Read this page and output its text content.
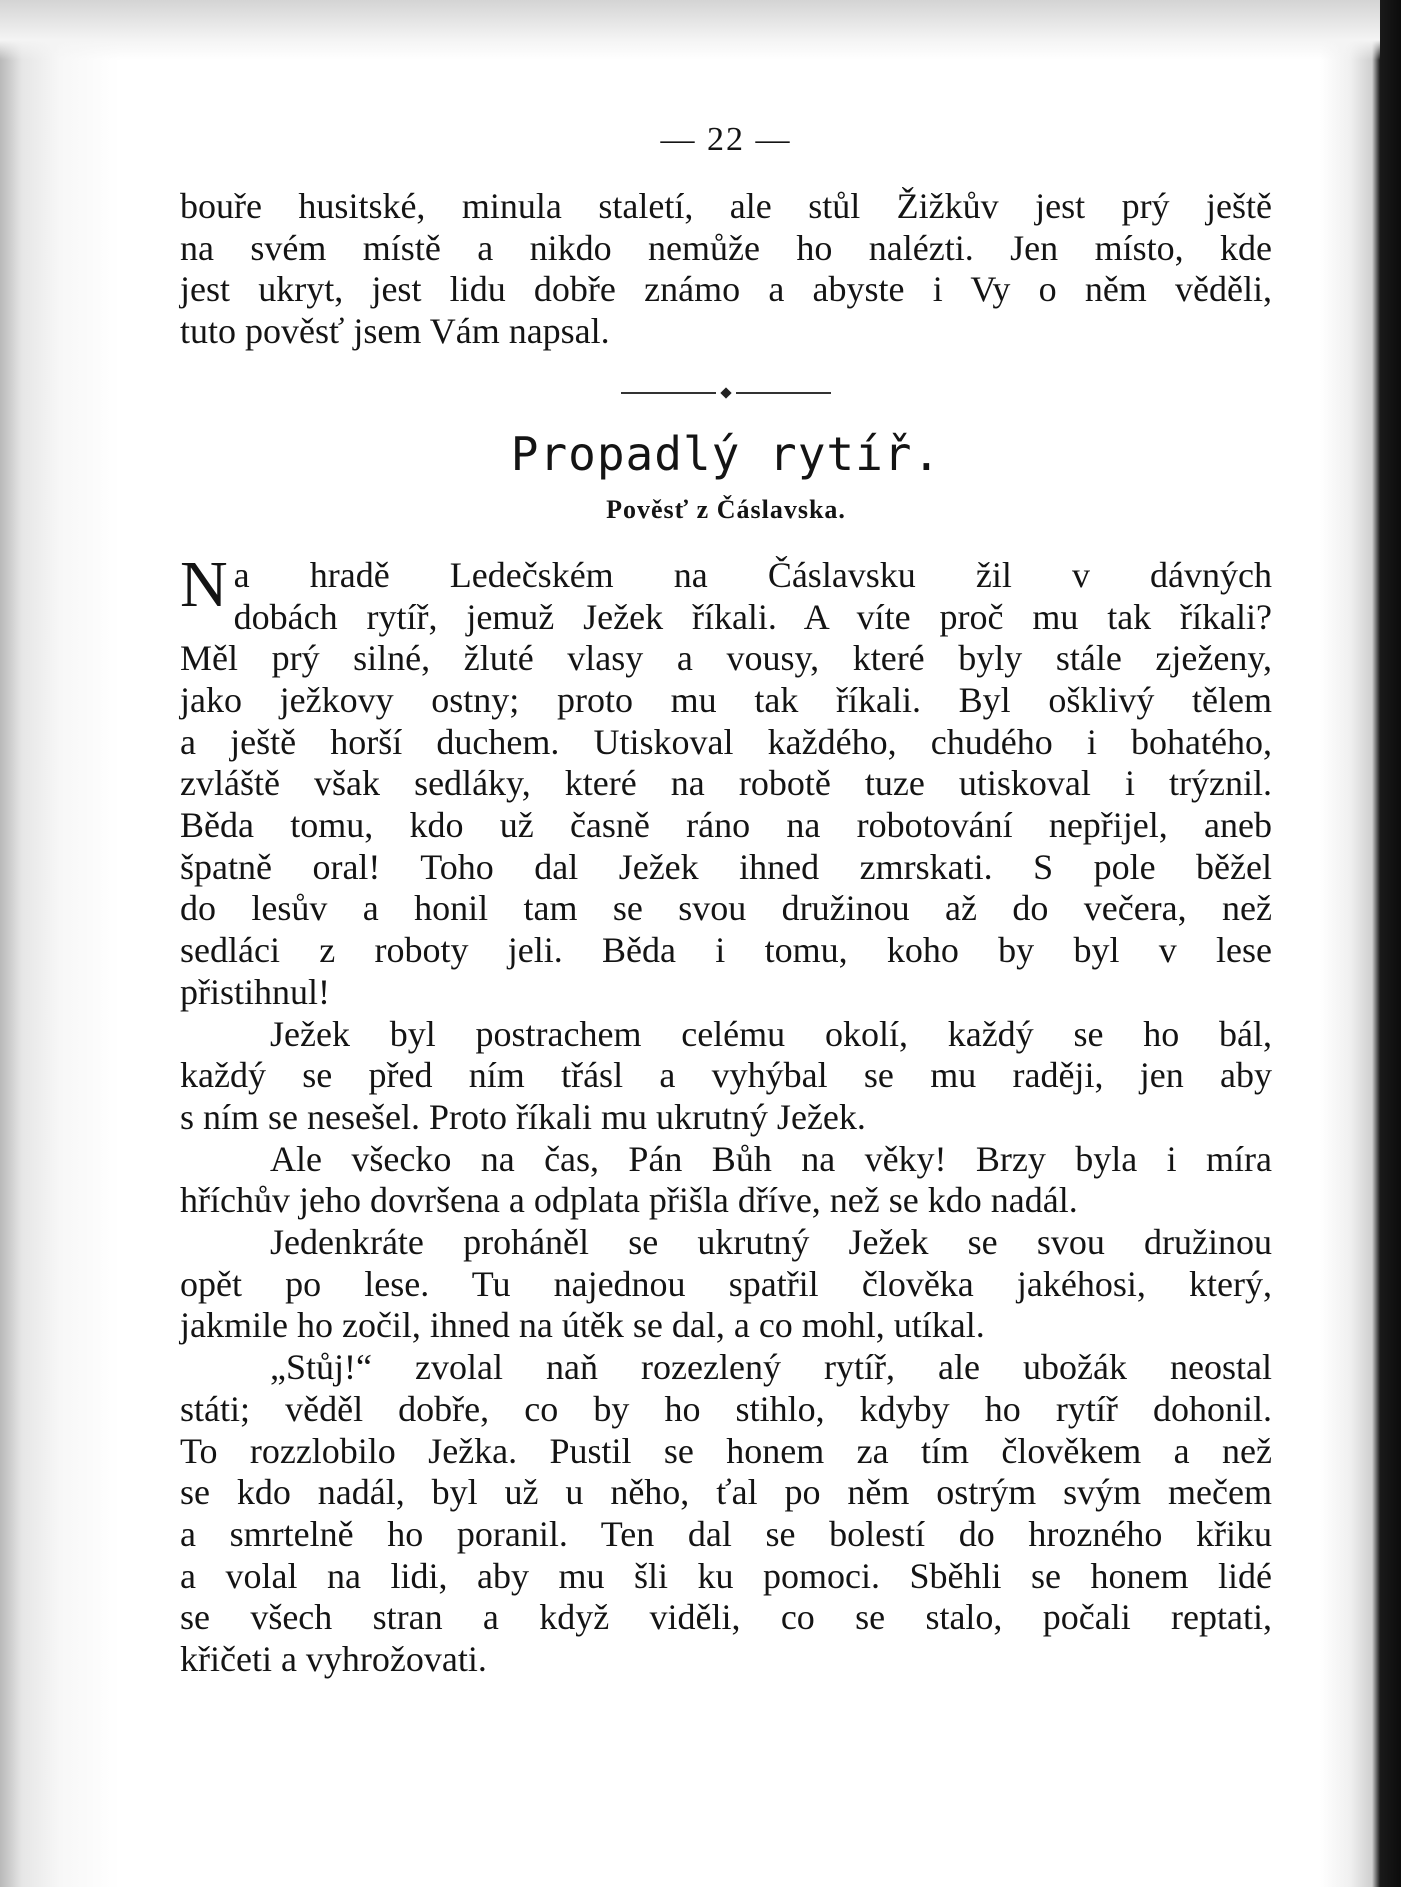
— 22 —

bouře husitské, minula staletí, ale stůl Žižkův jest prý ještě

na svém místě a nikdo nemůže ho nalézti. Jen místo, kde

jest ukryt, jest lidu dobře známo a abyste i Vy o něm věděli,

tuto pověsť jsem Vám napsal.

Propadlý rytíř.
Pověsť z Čáslavska.
N a hradě Ledečském na Čáslavsku žil v dávných

dobách rytíř, jemuž Ježek říkali. A víte proč mu tak říkali?

Měl prý silné, žluté vlasy a vousy, které byly stále zježeny,

jako ježkovy ostny; proto mu tak říkali. Byl ošklivý tělem

a ještě horší duchem. Utiskoval každého, chudého i bohatého,

zvláště však sedláky, které na robotě tuze utiskoval i trýznil.

Běda tomu, kdo už časně ráno na robotování nepřijel, aneb

špatně oral! Toho dal Ježek ihned zmrskati. S pole běžel

do lesův a honil tam se svou družinou až do večera, než

sedláci z roboty jeli. Běda i tomu, koho by byl v lese

přistihnul!

Ježek byl postrachem celému okolí, každý se ho bál,

každý se před ním třásl a vyhýbal se mu raději, jen aby

s ním se nesešel. Proto říkali mu ukrutný Ježek.

Ale všecko na čas, Pán Bůh na věky! Brzy byla i míra

hříchův jeho dovršena a odplata přišla dříve, než se kdo nadál.

Jedenkráte proháněl se ukrutný Ježek se svou družinou

opět po lese. Tu najednou spatřil člověka jakéhosi, který,

jakmile ho zočil, ihned na útěk se dal, a co mohl, utíkal.

„Stůj!“ zvolal naň rozezlený rytíř, ale ubožák neostal

státi; věděl dobře, co by ho stihlo, kdyby ho rytíř dohonil.

To rozzlobilo Ježka. Pustil se honem za tím člověkem a než

se kdo nadál, byl už u něho, ťal po něm ostrým svým mečem

a smrtelně ho poranil. Ten dal se bolestí do hrozného křiku

a volal na lidi, aby mu šli ku pomoci. Sběhli se honem lidé

se všech stran a když viděli, co se stalo, počali reptati,

křičeti a vyhrožovati.
